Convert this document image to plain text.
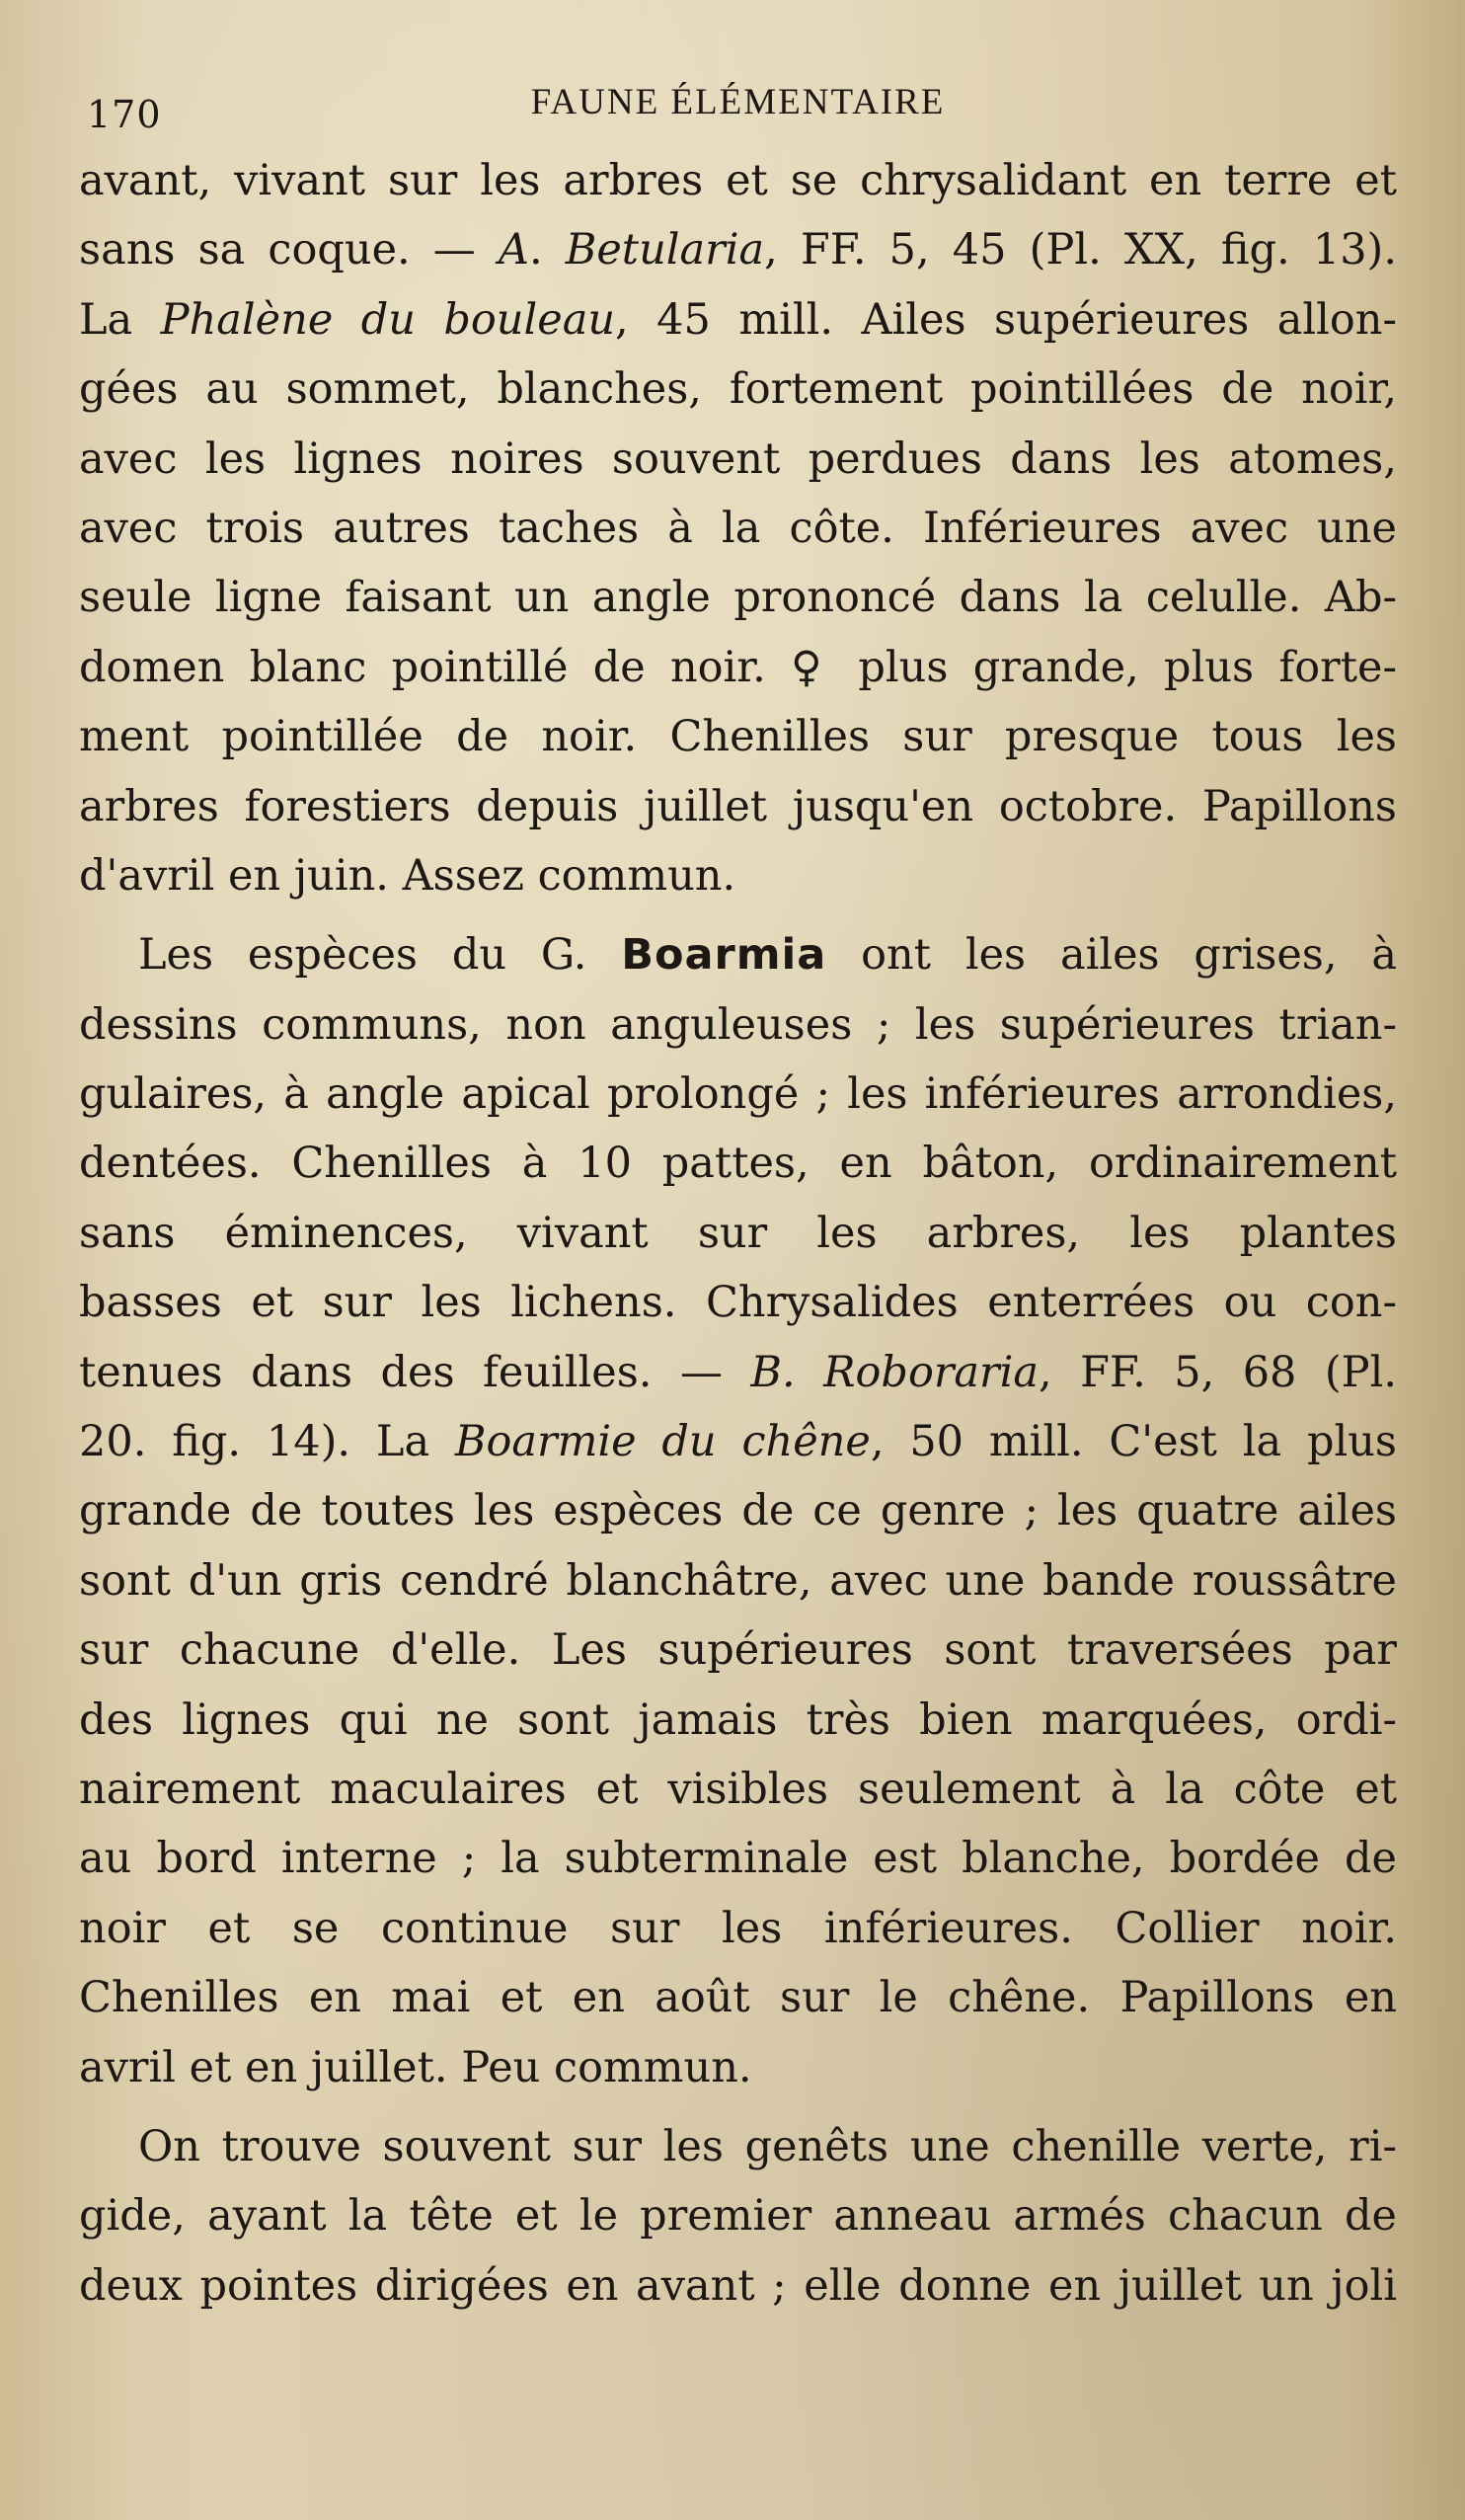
170	FAUNE ÉLÉMENTAIRE
avant, vivant sur les arbres et se chrysalidant en terre et
sans sa coque. — A. Betularia, FF. 5, 45 (Pl. XX, fig. 13).
La Phalène du bouleau, 45 mill. Ailes supérieures allon-
gées au sommet, blanches, fortement pointillées de noir,
avec les lignes noires souvent perdues dans les atomes,
avec trois autres taches à la côte. Inférieures avec une
seule ligne faisant un angle prononcé dans la celulle. Ab-
domen blanc pointillé de noir. ♀ plus grande, plus forte-
ment pointillée de noir. Chenilles sur presque tous les
arbres forestiers depuis juillet jusqu'en octobre. Papillons
d'avril en juin. Assez commun.
Les espèces du G. Boarmia ont les ailes grises, à
dessins communs, non anguleuses ; les supérieures trian-
gulaires, à angle apical prolongé ; les inférieures arrondies,
dentées. Chenilles à 10 pattes, en bâton, ordinairement
sans éminences, vivant sur les arbres, les plantes
basses et sur les lichens. Chrysalides enterrées ou con-
tenues dans des feuilles. — B. Roboraria, FF. 5, 68 (Pl.
20. fig. 14). La Boarmie du chêne, 50 mill. C'est la plus
grande de toutes les espèces de ce genre ; les quatre ailes
sont d'un gris cendré blanchâtre, avec une bande roussâtre
sur chacune d'elle. Les supérieures sont traversées par
des lignes qui ne sont jamais très bien marquées, ordi-
nairement maculaires et visibles seulement à la côte et
au bord interne ; la subterminale est blanche, bordée de
noir et se continue sur les inférieures. Collier noir.
Chenilles en mai et en août sur le chêne. Papillons en
avril et en juillet. Peu commun.
On trouve souvent sur les genêts une chenille verte, ri-
gide, ayant la tête et le premier anneau armés chacun de
deux pointes dirigées en avant ; elle donne en juillet un joli
